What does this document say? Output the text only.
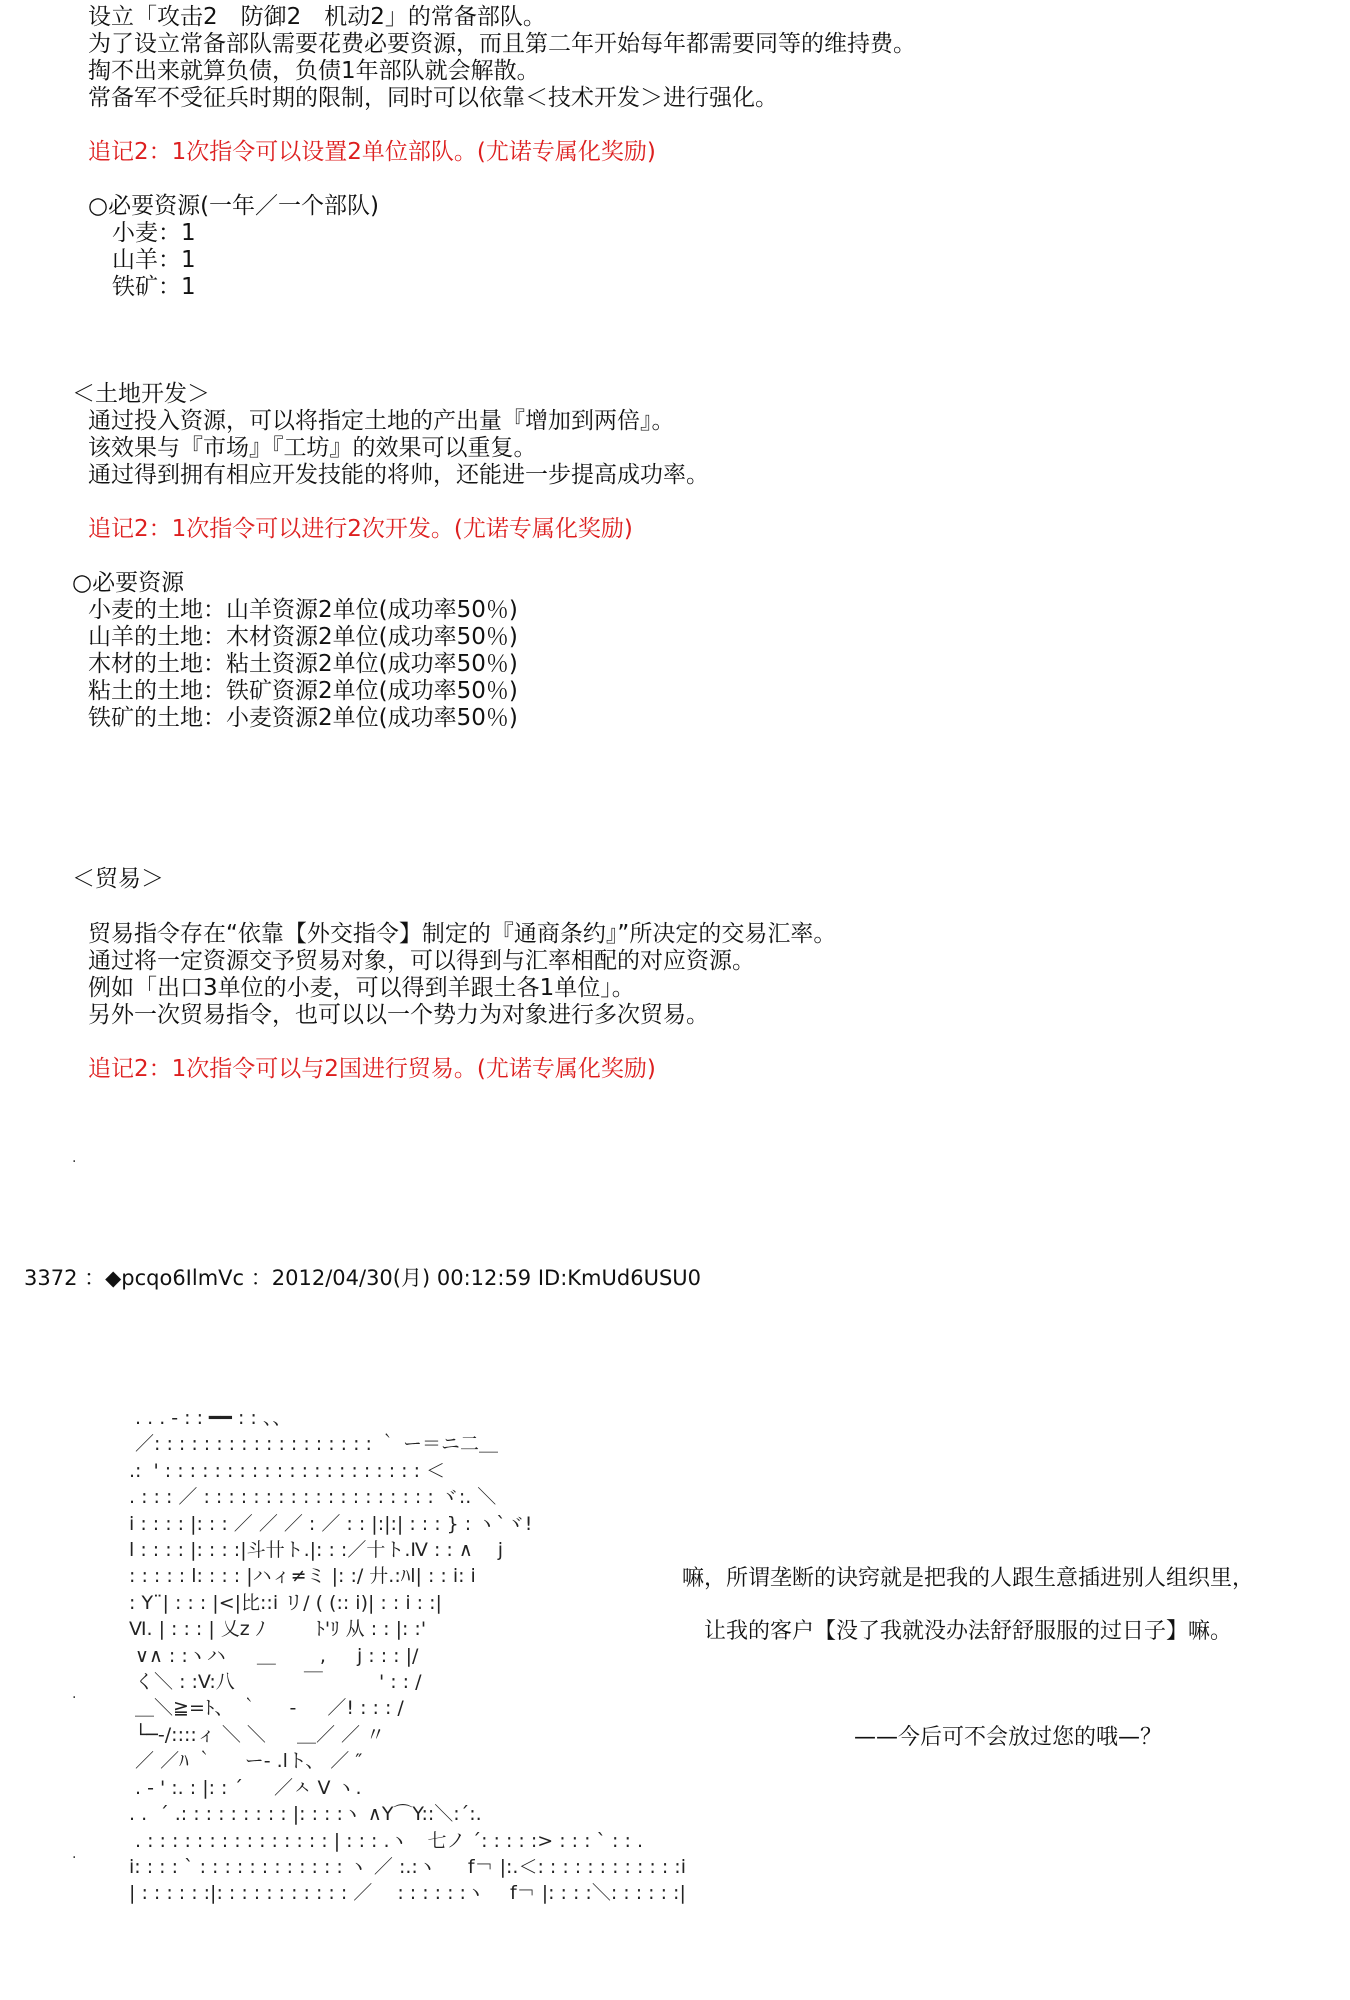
设立「攻击2　防御2　机动2」的常备部队。
为了设立常备部队需要花费必要资源，而且第二年开始每年都需要同等的维持费。
掏不出来就算负债，负债1年部队就会解散。
常备军不受征兵时期的限制，同时可以依靠＜技术开发＞进行强化。
追记2：1次指令可以设置2单位部队。(尤诺专属化奖励)
○必要资源(一年／一个部队)
小麦：1
山羊：1
铁矿：1
＜土地开发＞
通过投入资源，可以将指定土地的产出量『增加到两倍』。
该效果与『市场』『工坊』的效果可以重复。
通过得到拥有相应开发技能的将帅，还能进一步提高成功率。
追记2：1次指令可以进行2次开发。(尤诺专属化奖励)
○必要资源
小麦的土地：山羊资源2单位(成功率50％)
山羊的土地：木材资源2单位(成功率50％)
木材的土地：粘土资源2单位(成功率50％)
粘土的土地：铁矿资源2单位(成功率50％)
铁矿的土地：小麦资源2单位(成功率50％)
＜贸易＞
贸易指令存在“依靠【外交指令】制定的『通商条约』”所决定的交易汇率。
通过将一定资源交予贸易对象，可以得到与汇率相配的对应资源。
例如「出口3单位的小麦，可以得到羊跟土各1单位」。
另外一次贸易指令，也可以以一个势力为对象进行多次贸易。
追记2：1次指令可以与2国进行贸易。(尤诺专属化奖励)
.
3372 ：◆pcqo6IlmVc ：2012/04/30(月) 00:12:59 ID:KmUd6USU0
. . . ‐ : : ━━ : : 、、
／: : : : : : : : : : : : : : : : : : ｀ ー＝ニ二＿
.:  ' : : : : : : : : : : : : : : : : : : : : : ＜
. : : : ／ : : : : : : : : : : : : : : : : : : : ヾ:. ＼
i : : : : |: : : ／ ／ ／ : ／ : : |:|:| : : : } : ヽ`ヾ!
l : : : : |: : : :|斗卄ト.|: : :／十ト.Ⅳ : : ∧ 　j
: : : : : l: : : : |ハィ≠ミ |: :/ 廾.:ﾊl| : : i: i
: Y¨| : : : |<|比::i リ/ ( (:: i)| : : i : :|
Ⅵ. | : : : | 乂z ﾉ 　 　ﾄ'ﾘ 从 : : |: :'
∨∧ : :ヽハ 　 ＿　 　, 　 j : : : |/
く＼ : :V:八 　 　　￣ 　 　 ' : : /
＿＼≧=ﾄ、 ｀ 　 ‐ 　 ／! : : : /
└─‐/::::ィ ＼ ＼ 　 ＿／ ／ 〃
／ ／ﾊ ｀ 　 ー- .lト、 ／ ″
. - ' :. : |: : ´ 　 ／ㅅ V ヽ.
. .  ´ .: : : : : : : : : |: : : :ヽ ∧Y⌒Y::＼:´:.
. : : : : : : : : : : : : : : : | : : : .ヽ　七ノ ´: : : : :> : : : ` : : .
i: : : : ` : : : : : : : : : : : : ヽ ／ :.:ヽ 　 f￢ |:.＜: : : : : : : : : : : :i
| : : : : : :|: : : : : : : : : : : ／ 　: : : : : :ヽ　 f￢ |: : : :＼: : : : : :|
.
.
嘛，所谓垄断的诀窍就是把我的人跟生意插进别人组织里，
让我的客户【没了我就没办法舒舒服服的过日子】嘛。
——今后可不会放过您的哦—？
